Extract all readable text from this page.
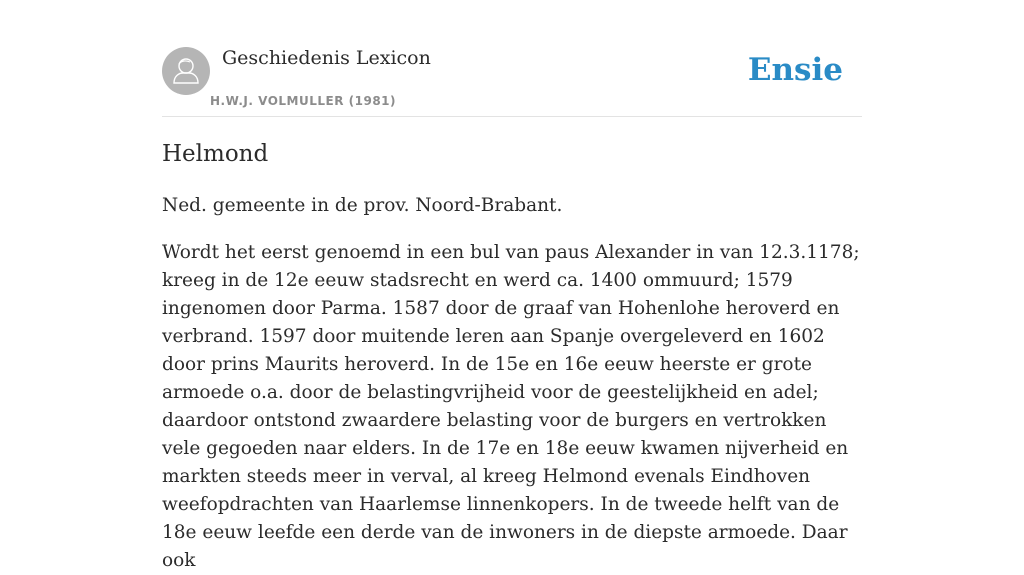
Geschiedenis Lexicon
H.W.J. VOLMULLER (1981)
Ensie
Helmond

Ned. gemeente in de prov. Noord-Brabant.

Wordt het eerst genoemd in een bul van paus Alexander in van 12.3.1178; kreeg in de 12e eeuw stadsrecht en werd ca. 1400 ommuurd; 1579 ingenomen door Parma. 1587 door de graaf van Hohenlohe heroverd en verbrand. 1597 door muitende leren aan Spanje overgeleverd en 1602 door prins Maurits heroverd. In de 15e en 16e eeuw heerste er grote armoede o.a. door de belastingvrijheid voor de geestelijkheid en adel; daardoor ontstond zwaardere belasting voor de burgers en vertrokken vele gegoeden naar elders. In de 17e en 18e eeuw kwamen nijverheid en markten steeds meer in verval, al kreeg Helmond evenals Eindhoven weefopdrachten van Haarlemse linnenkopers. In de tweede helft van de 18e eeuw leefde een derde van de inwoners in de diepste armoede. Daar ook
